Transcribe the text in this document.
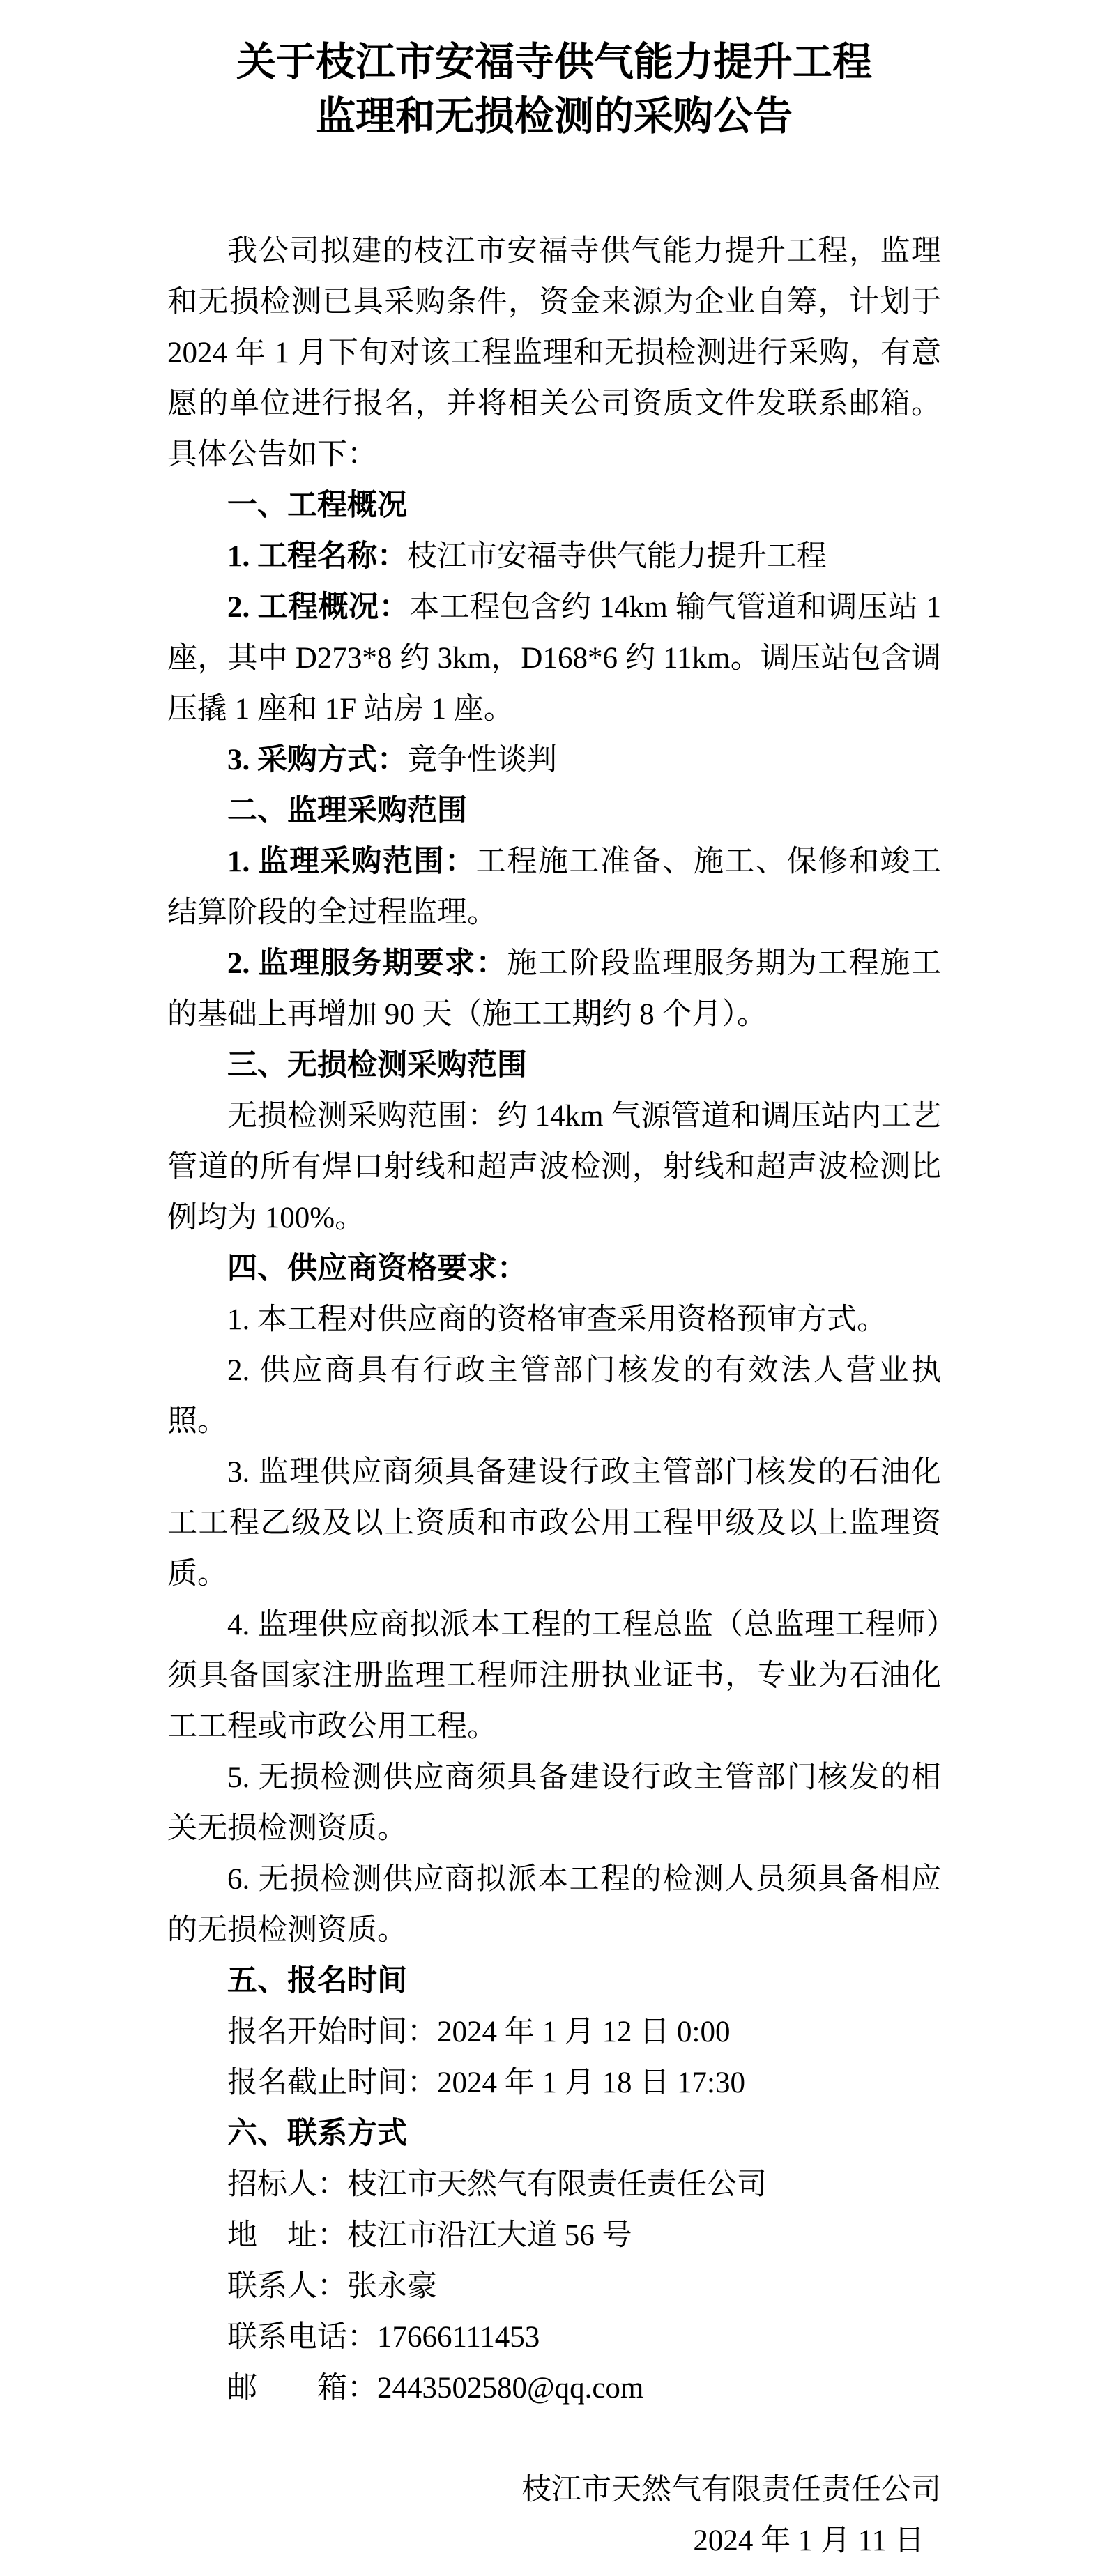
关于枝江市安福寺供气能力提升工程
监理和无损检测的采购公告

我公司拟建的枝江市安福寺供气能力提升工程，监理和无损检测已具采购条件，资金来源为企业自筹，计划于 2024 年 1 月下旬对该工程监理和无损检测进行采购，有意愿的单位进行报名，并将相关公司资质文件发联系邮箱。具体公告如下：

一、工程概况

1. 工程名称：枝江市安福寺供气能力提升工程

2. 工程概况：本工程包含约 14km 输气管道和调压站 1 座，其中 D273*8 约 3km，D168*6 约 11km。调压站包含调压撬 1 座和 1F 站房 1 座。

3. 采购方式：竞争性谈判

二、监理采购范围

1. 监理采购范围：工程施工准备、施工、保修和竣工结算阶段的全过程监理。

2. 监理服务期要求：施工阶段监理服务期为工程施工的基础上再增加 90 天（施工工期约 8 个月）。

三、无损检测采购范围

无损检测采购范围：约 14km 气源管道和调压站内工艺管道的所有焊口射线和超声波检测，射线和超声波检测比例均为 100%。

四、供应商资格要求：

1. 本工程对供应商的资格审查采用资格预审方式。

2. 供应商具有行政主管部门核发的有效法人营业执照。

3. 监理供应商须具备建设行政主管部门核发的石油化工工程乙级及以上资质和市政公用工程甲级及以上监理资质。

4. 监理供应商拟派本工程的工程总监（总监理工程师）须具备国家注册监理工程师注册执业证书，专业为石油化工工程或市政公用工程。

5. 无损检测供应商须具备建设行政主管部门核发的相关无损检测资质。

6. 无损检测供应商拟派本工程的检测人员须具备相应的无损检测资质。

五、报名时间

报名开始时间：2024 年 1 月 12 日 0:00

报名截止时间：2024 年 1 月 18 日 17:30

六、联系方式

招标人：枝江市天然气有限责任责任公司

地　址：枝江市沿江大道 56 号

联系人：张永豪

联系电话：17666111453

邮　　箱：2443502580@qq.com

枝江市天然气有限责任责任公司

2024 年 1 月 11 日
